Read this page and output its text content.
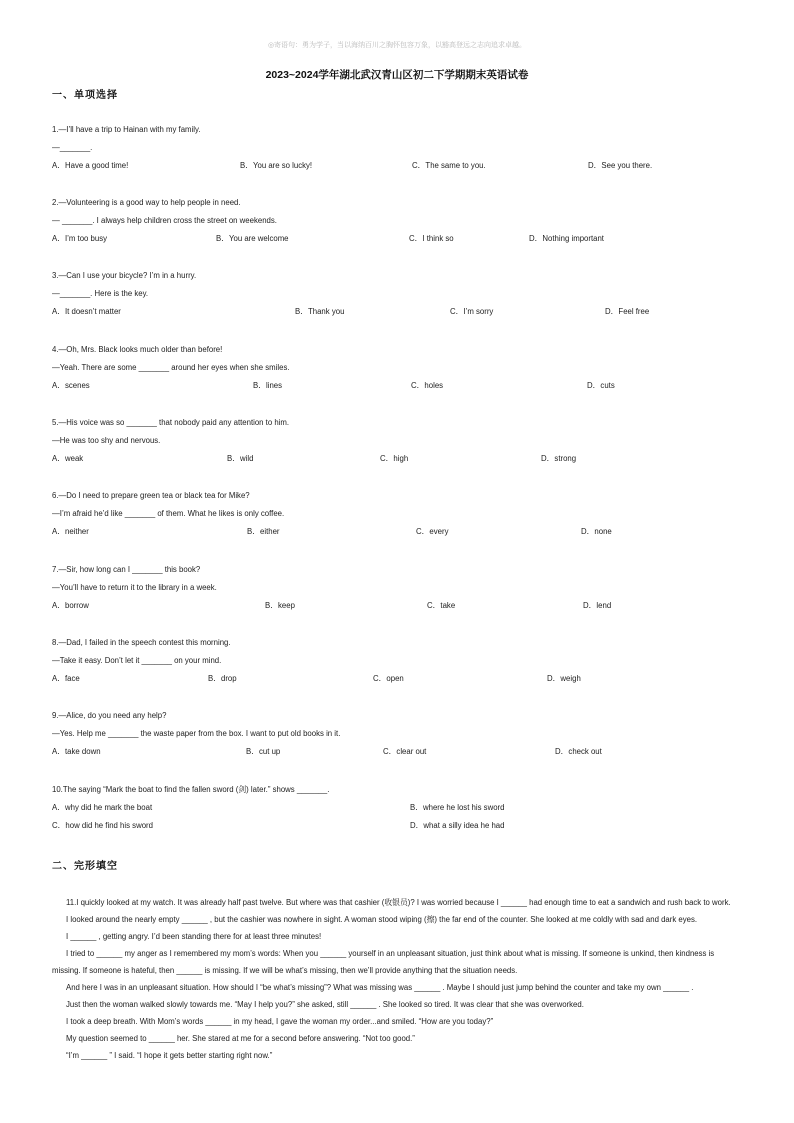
◎寄语句：勇为学子，当以海纳百川之胸怀包容万象，以豁高登远之志向追求卓越。
2023~2024学年湖北武汉青山区初二下学期期末英语试卷
一、单项选择
1.—I’ll have a trip to Hainan with my family.
—_______.
A．Have a good time!	B．You are so lucky!	C．The same to you.	D．See you there.
2.—Volunteering is a good way to help people in need.
— _______. I always help children cross the street on weekends.
A．I’m too busy	B．You are welcome	C．I think so	D．Nothing important
3.—Can I use your bicycle? I’m in a hurry.
—_______. Here is the key.
A．It doesn’t matter	B．Thank you	C．I’m sorry	D．Feel free
4.—Oh, Mrs. Black looks much older than before!
—Yeah. There are some _______ around her eyes when she smiles.
A．scenes	B．lines	C．holes	D．cuts
5.—His voice was so _______ that nobody paid any attention to him.
—He was too shy and nervous.
A．weak	B．wild	C．high	D．strong
6.—Do I need to prepare green tea or black tea for Mike?
—I’m afraid he’d like _______ of them. What he likes is only coffee.
A．neither	B．either	C．every	D．none
7.—Sir, how long can I _______ this book?
—You’ll have to return it to the library in a week.
A．borrow	B．keep	C．take	D．lend
8.—Dad, I failed in the speech contest this morning.
—Take it easy. Don’t let it _______ on your mind.
A．face	B．drop	C．open	D．weigh
9.—Alice, do you need any help?
—Yes. Help me _______ the waste paper from the box. I want to put old books in it.
A．take down	B．cut up	C．clear out	D．check out
10.The saying “Mark the boat to find the fallen sword (剑) later.” shows _______.
A．why did he mark the boat	B．where he lost his sword
C．how did he find his sword	D．what a silly idea he had
二、完形填空

11.I quickly looked at my watch. It was already half past twelve. But where was that cashier (收银员)? I was worried because I ______ had enough time to eat a sandwich and rush back to work.

I looked around the nearly empty ______ , but the cashier was nowhere in sight. A woman stood wiping (擦) the far end of the counter. She looked at me coldly with sad and dark eyes.

I ______ , getting angry. I’d been standing there for at least three minutes!

I tried to ______ my anger as I remembered my mom’s words: When you ______ yourself in an unpleasant situation, just think about what is missing. If someone is unkind, then kindness is missing. If someone is hateful, then ______ is missing. If we will be what’s missing, then we’ll provide anything that the situation needs.

And here I was in an unpleasant situation. How should I “be what’s missing”? What was missing was ______ . Maybe I should just jump behind the counter and take my own ______ .

Just then the woman walked slowly towards me. “May I help you?” she asked, still ______ . She looked so tired. It was clear that she was overworked.

I took a deep breath. With Mom’s words ______ in my head, I gave the woman my order...and smiled. “How are you today?”

My question seemed to ______ her. She stared at me for a second before answering. “Not too good.”

“I’m ______ ” I said. “I hope it gets better starting right now.”
